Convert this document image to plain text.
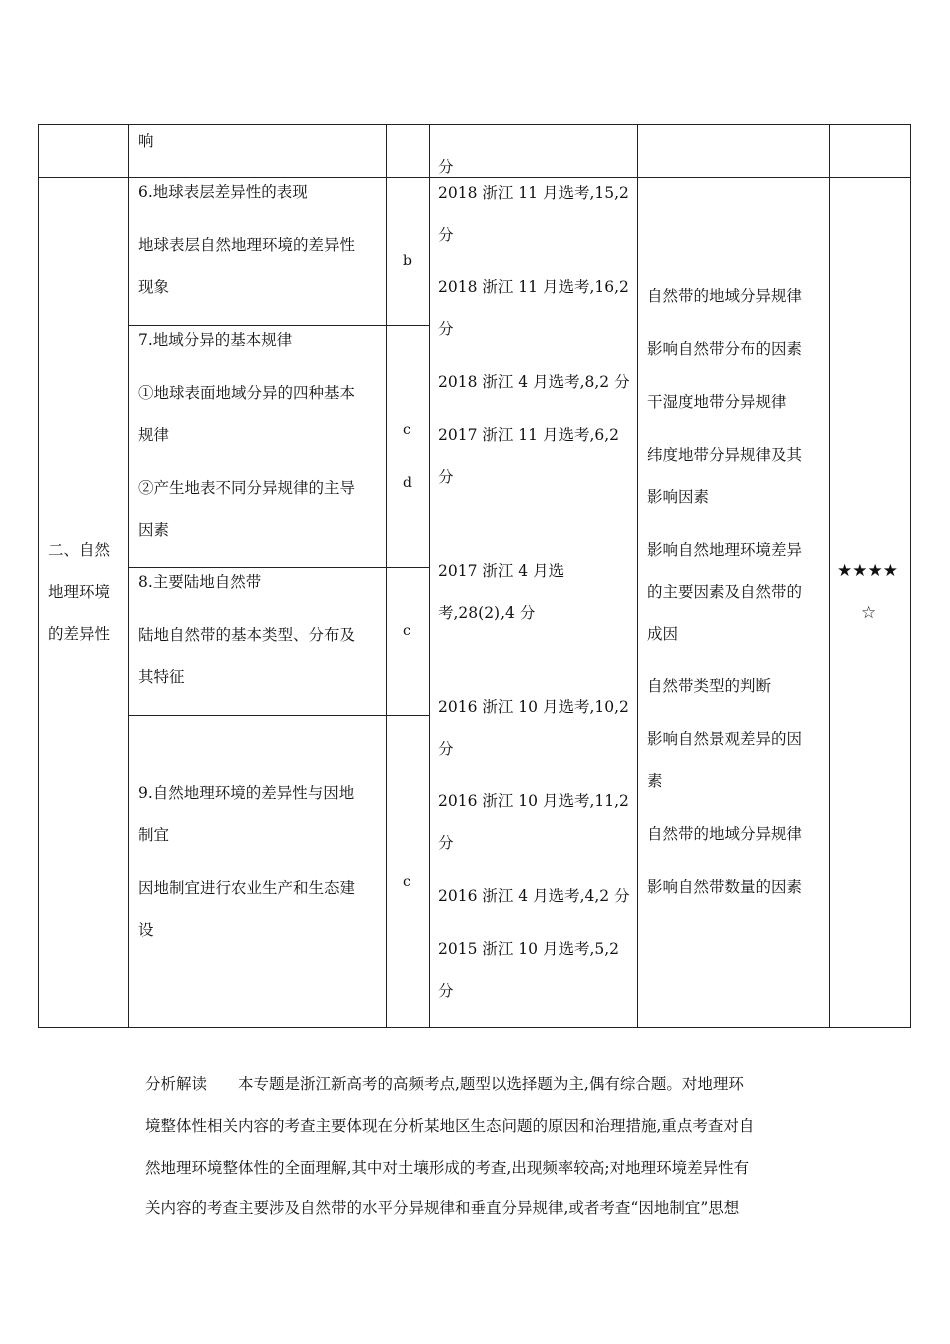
响
分
二、自然
地理环境
的差异性
6.地球表层差异性的表现
地球表层自然地理环境的差异性
现象
b
7.地域分异的基本规律
①地球表面地域分异的四种基本
规律
②产生地表不同分异规律的主导
因素
c
d
8.主要陆地自然带
陆地自然带的基本类型、分布及
其特征
c
9.自然地理环境的差异性与因地
制宜
因地制宜进行农业生产和生态建
设
c
2018 浙江 11 月选考,15,2
分
2018 浙江 11 月选考,16,2
分
2018 浙江 4 月选考,8,2 分
2017 浙江 11 月选考,6,2
分
2017 浙江 4 月选
考,28(2),4 分
2016 浙江 10 月选考,10,2
分
2016 浙江 10 月选考,11,2
分
2016 浙江 4 月选考,4,2 分
2015 浙江 10 月选考,5,2
分
自然带的地域分异规律
影响自然带分布的因素
干湿度地带分异规律
纬度地带分异规律及其
影响因素
影响自然地理环境差异
的主要因素及自然带的
成因
自然带类型的判断
影响自然景观差异的因
素
自然带的地域分异规律
影响自然带数量的因素
★★★★
☆
分析解读　　本专题是浙江新高考的高频考点,题型以选择题为主,偶有综合题。对地理环
境整体性相关内容的考查主要体现在分析某地区生态问题的原因和治理措施,重点考查对自
然地理环境整体性的全面理解,其中对土壤形成的考查,出现频率较高;对地理环境差异性有
关内容的考查主要涉及自然带的水平分异规律和垂直分异规律,或者考查“因地制宜”思想
